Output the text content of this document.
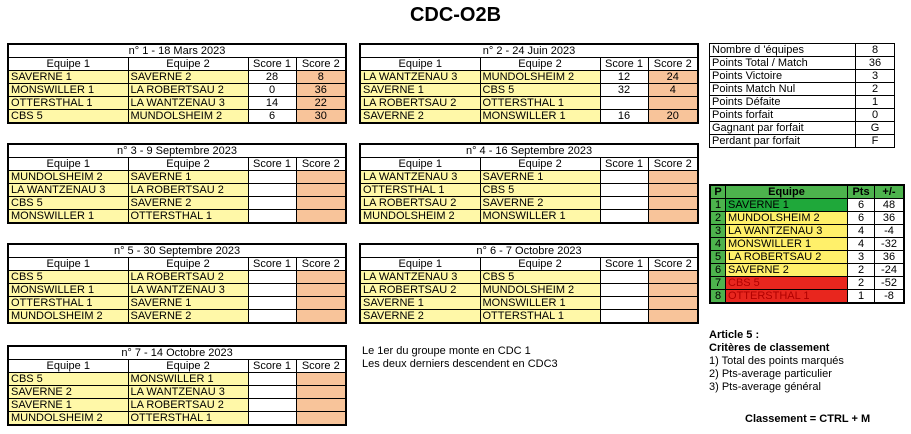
CDC-O2B
n° 1 - 18 Mars 2023			
Equipe 1	Equipe 2	Score 1	Score 2
SAVERNE 1	SAVERNE 2	28	8
MONSWILLER 1	LA ROBERTSAU 2	0	36
OTTERSTHAL 1	LA WANTZENAU 3	14	22
CBS 5	MUNDOLSHEIM 2	6	30
n° 2 - 24 Juin 2023			
Equipe 1	Equipe 2	Score 1	Score 2
LA WANTZENAU 3	MUNDOLSHEIM 2	12	24
SAVERNE 1	CBS 5	32	4
LA ROBERTSAU 2	OTTERSTHAL 1		
SAVERNE 2	MONSWILLER 1	16	20
n° 3 - 9 Septembre 2023			
Equipe 1	Equipe 2	Score 1	Score 2
MUNDOLSHEIM 2	SAVERNE 1		
LA WANTZENAU 3	LA ROBERTSAU 2		
CBS 5	SAVERNE 2		
MONSWILLER 1	OTTERSTHAL 1		
n° 4 - 16 Septembre 2023			
Equipe 1	Equipe 2	Score 1	Score 2
LA WANTZENAU 3	SAVERNE 1		
OTTERSTHAL 1	CBS 5		
LA ROBERTSAU 2	SAVERNE 2		
MUNDOLSHEIM 2	MONSWILLER 1		
n° 5 - 30 Septembre 2023			
Equipe 1	Equipe 2	Score 1	Score 2
CBS 5	LA ROBERTSAU 2		
MONSWILLER 1	LA WANTZENAU 3		
OTTERSTHAL 1	SAVERNE 1		
MUNDOLSHEIM 2	SAVERNE 2		
n° 6 - 7 Octobre 2023			
Equipe 1	Equipe 2	Score 1	Score 2
LA WANTZENAU 3	CBS 5		
LA ROBERTSAU 2	MUNDOLSHEIM 2		
SAVERNE 1	MONSWILLER 1		
SAVERNE 2	OTTERSTHAL 1		
n° 7 - 14 Octobre 2023			
Equipe 1	Equipe 2	Score 1	Score 2
CBS 5	MONSWILLER 1		
SAVERNE 2	LA WANTZENAU 3		
SAVERNE 1	LA ROBERTSAU 2		
MUNDOLSHEIM 2	OTTERSTHAL 1		
Nombre d 'équipes	8
Points Total / Match	36
Points Victoire	3
Points Match Nul	2
Points Défaite	1
Points forfait	0
Gagnant par forfait	G
Perdant par forfait	F
P	Equipe	Pts	+/-
1	SAVERNE 1	6	48
2	MUNDOLSHEIM 2	6	36
3	LA WANTZENAU 3	4	-4
4	MONSWILLER 1	4	-32
5	LA ROBERTSAU 2	3	36
6	SAVERNE 2	2	-24
7	CBS 5	2	-52
8	OTTERSTHAL 1	1	-8
Le 1er du groupe monte en CDC 1
Les deux derniers descendent en CDC3
Article 5 :
Critères de classement
1) Total des points marqués
2) Pts-average particulier
3) Pts-average général
Classement = CTRL + M
